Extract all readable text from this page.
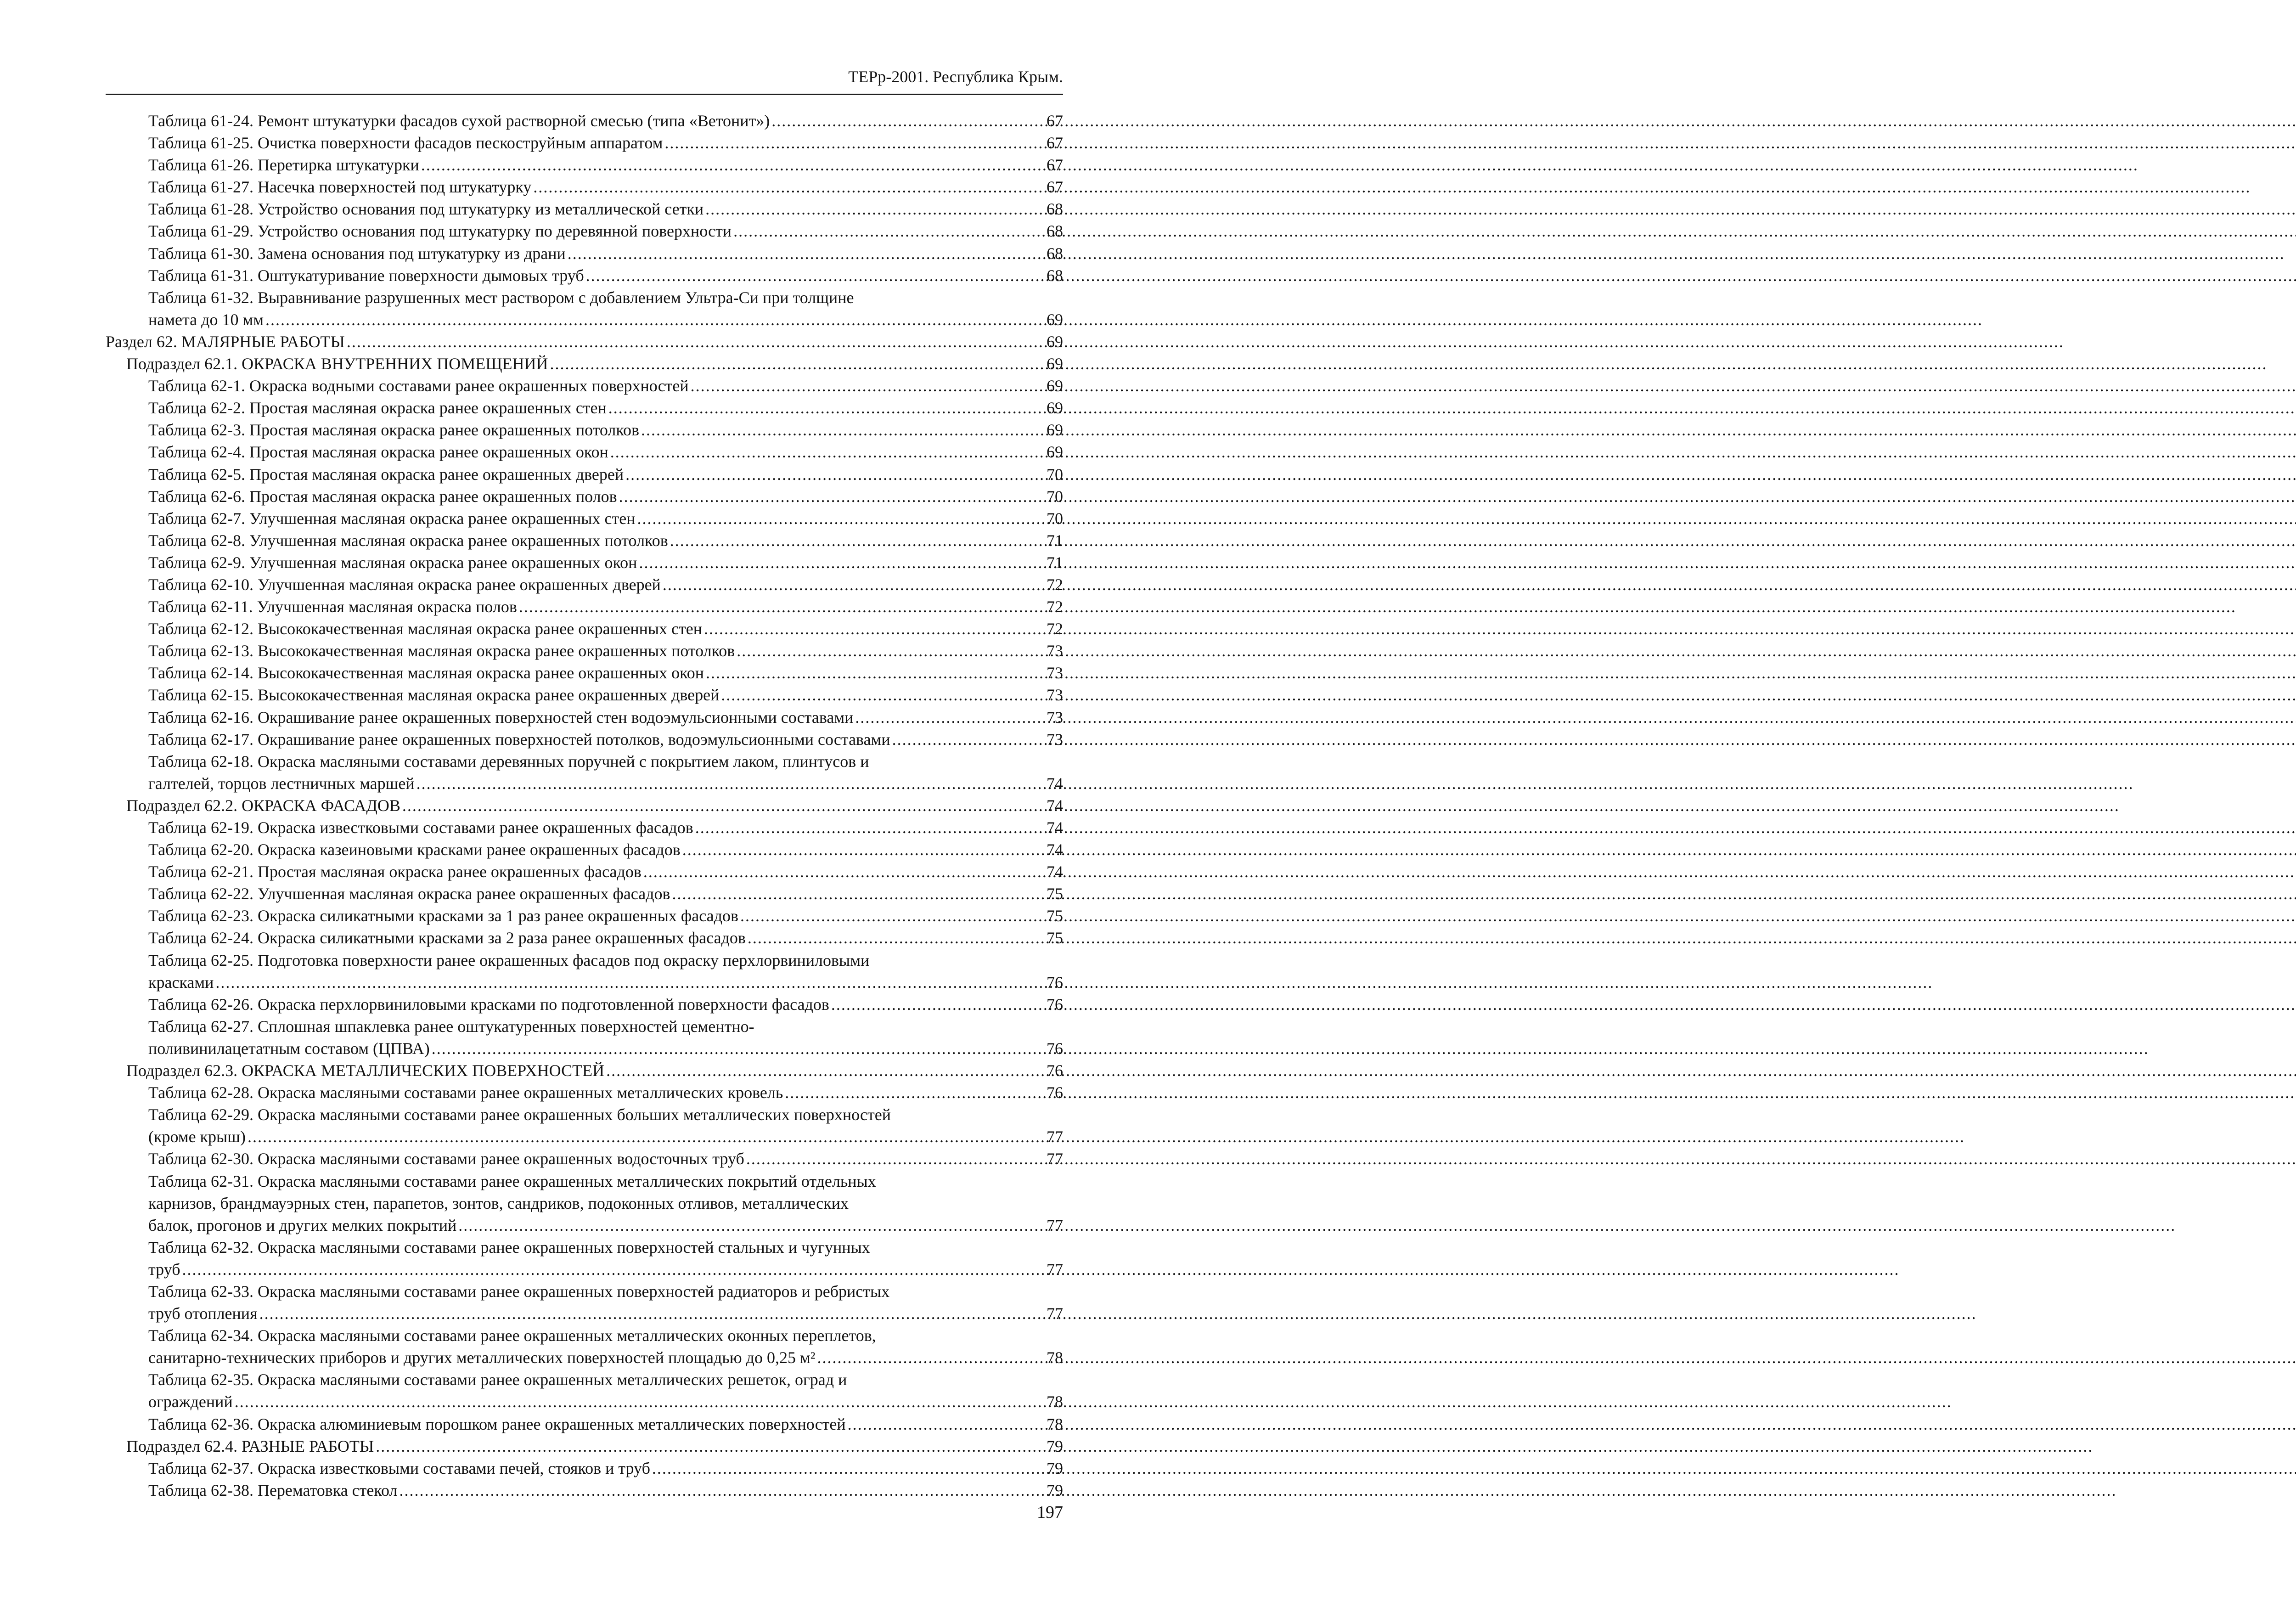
ТЕРр-2001. Республика Крым.
Таблица 61-24. Ремонт штукатурки фасадов сухой растворной смесью (типа «Ветонит») .....	67
Таблица 61-25. Очистка поверхности фасадов пескоструйным аппаратом .....	67
Таблица 61-26. Перетирка штукатурки .....	67
Таблица 61-27. Насечка поверхностей под штукатурку .....	67
Таблица 61-28. Устройство основания под штукатурку из металлической сетки .....	68
Таблица 61-29. Устройство основания под штукатурку по деревянной поверхности .....	68
Таблица 61-30. Замена основания под штукатурку из драни .....	68
Таблица 61-31. Оштукатуривание поверхности дымовых труб .....	68
Таблица 61-32. Выравнивание разрушенных мест раствором с добавлением Ультра-Си при толщине
намета до 10 мм .....	69
Раздел 62. МАЛЯРНЫЕ РАБОТЫ .....	69
Подраздел 62.1. ОКРАСКА ВНУТРЕННИХ ПОМЕЩЕНИЙ .....	69
Таблица 62-1. Окраска водными составами ранее окрашенных поверхностей .....	69
Таблица 62-2. Простая масляная окраска ранее окрашенных стен .....	69
Таблица 62-3. Простая масляная окраска ранее окрашенных потолков .....	69
Таблица 62-4. Простая масляная окраска ранее окрашенных окон .....	69
Таблица 62-5. Простая масляная окраска ранее окрашенных дверей .....	70
Таблица 62-6. Простая масляная окраска ранее окрашенных полов .....	70
Таблица 62-7. Улучшенная масляная окраска ранее окрашенных стен .....	70
Таблица 62-8. Улучшенная масляная окраска ранее окрашенных потолков .....	71
Таблица 62-9. Улучшенная масляная окраска ранее окрашенных окон .....	71
Таблица 62-10. Улучшенная масляная окраска ранее окрашенных дверей .....	72
Таблица 62-11. Улучшенная масляная окраска полов .....	72
Таблица 62-12. Высококачественная масляная окраска ранее окрашенных стен .....	72
Таблица 62-13. Высококачественная масляная окраска ранее окрашенных потолков .....	73
Таблица 62-14. Высококачественная масляная окраска ранее окрашенных окон .....	73
Таблица 62-15. Высококачественная масляная окраска ранее окрашенных дверей .....	73
Таблица 62-16. Окрашивание ранее окрашенных поверхностей стен водоэмульсионными составами .....	73
Таблица 62-17. Окрашивание ранее окрашенных поверхностей потолков, водоэмульсионными составами .....	73
Таблица 62-18. Окраска масляными составами деревянных поручней с покрытием лаком, плинтусов и
галтелей, торцов лестничных маршей .....	74
Подраздел 62.2. ОКРАСКА ФАСАДОВ .....	74
Таблица 62-19. Окраска известковыми составами ранее окрашенных фасадов .....	74
Таблица 62-20. Окраска казеиновыми красками ранее окрашенных фасадов .....	74
Таблица 62-21. Простая масляная окраска ранее окрашенных фасадов .....	74
Таблица 62-22. Улучшенная масляная окраска ранее окрашенных фасадов .....	75
Таблица 62-23. Окраска силикатными красками за 1 раз ранее окрашенных фасадов .....	75
Таблица 62-24. Окраска силикатными красками за 2 раза ранее окрашенных фасадов .....	75
Таблица 62-25. Подготовка поверхности ранее окрашенных фасадов под окраску перхлорвиниловыми
красками .....	76
Таблица 62-26. Окраска перхлорвиниловыми красками по подготовленной поверхности фасадов .....	76
Таблица 62-27. Сплошная шпаклевка ранее оштукатуренных поверхностей цементно-
поливинилацетатным составом (ЦПВА) .....	76
Подраздел 62.3. ОКРАСКА МЕТАЛЛИЧЕСКИХ ПОВЕРХНОСТЕЙ .....	76
Таблица 62-28. Окраска масляными составами ранее окрашенных металлических кровель .....	76
Таблица 62-29. Окраска масляными составами ранее окрашенных больших металлических поверхностей
(кроме крыш) .....	77
Таблица 62-30. Окраска масляными составами ранее окрашенных водосточных труб .....	77
Таблица 62-31. Окраска масляными составами ранее окрашенных металлических покрытий отдельных
карнизов, брандмауэрных стен, парапетов, зонтов, сандриков, подоконных отливов, металлических
балок, прогонов и других мелких покрытий .....	77
Таблица 62-32. Окраска масляными составами ранее окрашенных поверхностей стальных и чугунных
труб .....	77
Таблица 62-33. Окраска масляными составами ранее окрашенных поверхностей радиаторов и ребристых
труб отопления .....	77
Таблица 62-34. Окраска масляными составами ранее окрашенных металлических оконных переплетов,
санитарно-технических приборов и других металлических поверхностей площадью до 0,25 м² .....	78
Таблица 62-35. Окраска масляными составами ранее окрашенных металлических решеток, оград и
ограждений .....	78
Таблица 62-36. Окраска алюминиевым порошком ранее окрашенных металлических поверхностей .....	78
Подраздел 62.4. РАЗНЫЕ РАБОТЫ .....	79
Таблица 62-37. Окраска известковыми составами печей, стояков и труб .....	79
Таблица 62-38. Перематовка стекол .....	79
197
